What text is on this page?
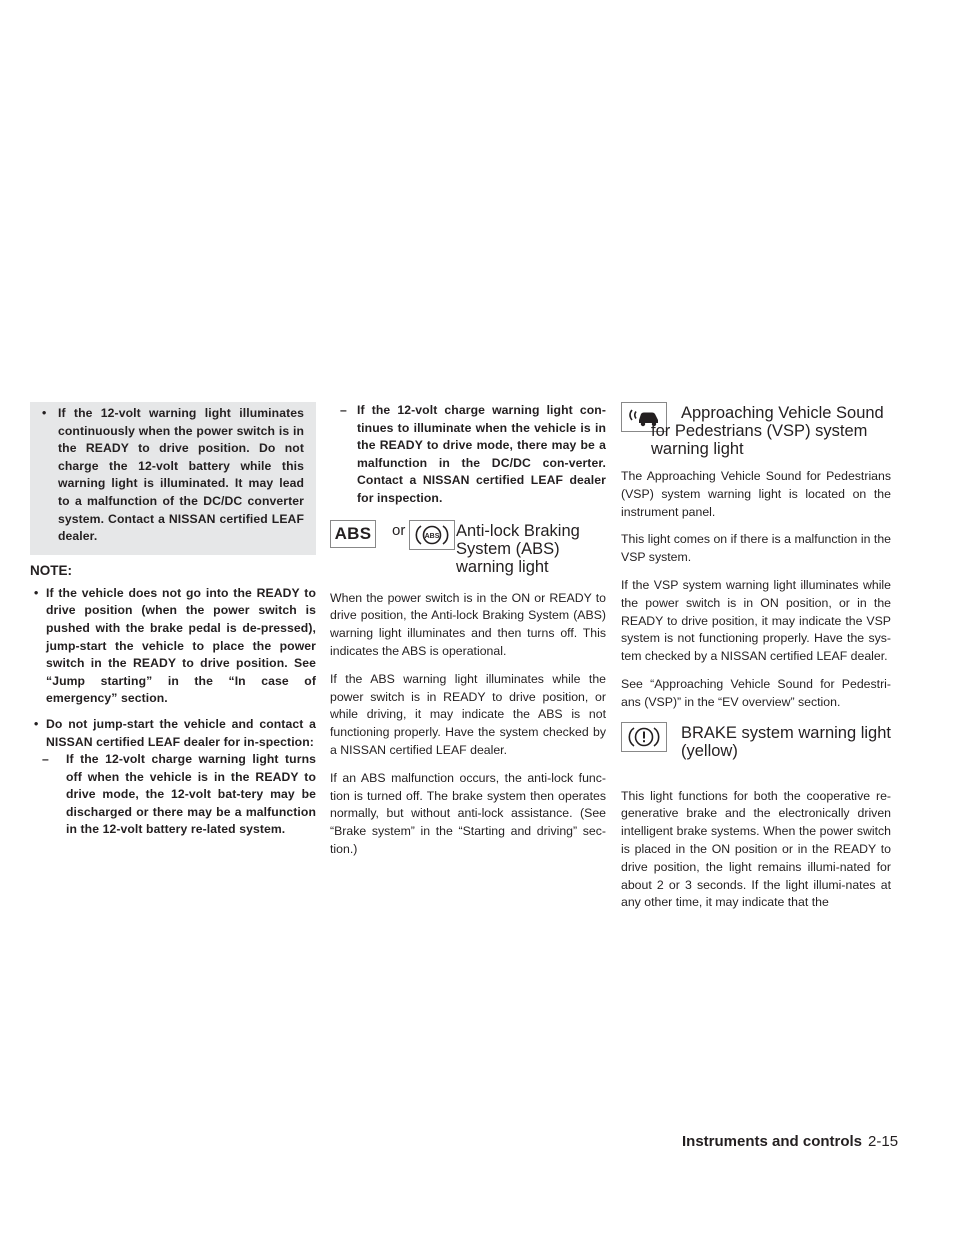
• If the 12-volt warning light illuminates continuously when the power switch is in the READY to drive position. Do not charge the 12-volt battery while this warning light is illuminated. It may lead to a malfunction of the DC/DC converter system. Contact a NISSAN certified LEAF dealer.
NOTE:
• If the vehicle does not go into the READY to drive position (when the power switch is pushed with the brake pedal is de-pressed), jump-start the vehicle to place the power switch in the READY to drive position. See “Jump starting” in the “In case of emergency” section.
• Do not jump-start the vehicle and contact a NISSAN certified LEAF dealer for in-spection:
– If the 12-volt charge warning light turns off when the vehicle is in the READY to drive mode, the 12-volt bat-tery may be discharged or there may be a malfunction in the 12-volt battery re-lated system.
– If the 12-volt charge warning light con-tinues to illuminate when the vehicle is in the READY to drive mode, there may be a malfunction in the DC/DC con-verter. Contact a NISSAN certified LEAF dealer for inspection.
ABS or	ABS Anti-lock Braking System (ABS) warning light

When the power switch is in the ON or READY to drive position, the Anti-lock Braking System (ABS) warning light illuminates and then turns off. This indicates the ABS is operational.

If the ABS warning light illuminates while the power switch is in READY to drive position, or while driving, it may indicate the ABS is not functioning properly. Have the system checked by a NISSAN certified LEAF dealer.

If an ABS malfunction occurs, the anti-lock func-tion is turned off. The brake system then operates normally, but without anti-lock assistance. (See “Brake system” in the “Starting and driving” sec-tion.)

Approaching Vehicle Sound for Pedestrians (VSP) system warning light

The Approaching Vehicle Sound for Pedestrians (VSP) system warning light is located on the instrument panel.

This light comes on if there is a malfunction in the VSP system.

If the VSP system warning light illuminates while the power switch is in ON position, or in the READY to drive position, it may indicate the VSP system is not functioning properly. Have the sys-tem checked by a NISSAN certified LEAF dealer.

See “Approaching Vehicle Sound for Pedestri-ans (VSP)” in the “EV overview” section.

BRAKE system warning light (yellow)

This light functions for both the cooperative re-generative brake and the electronically driven intelligent brake systems. When the power switch is placed in the ON position or in the READY to drive position, the light remains illumi-nated for about 2 or 3 seconds. If the light illumi-nates at any other time, it may indicate that the

Instruments and controls 2-15
